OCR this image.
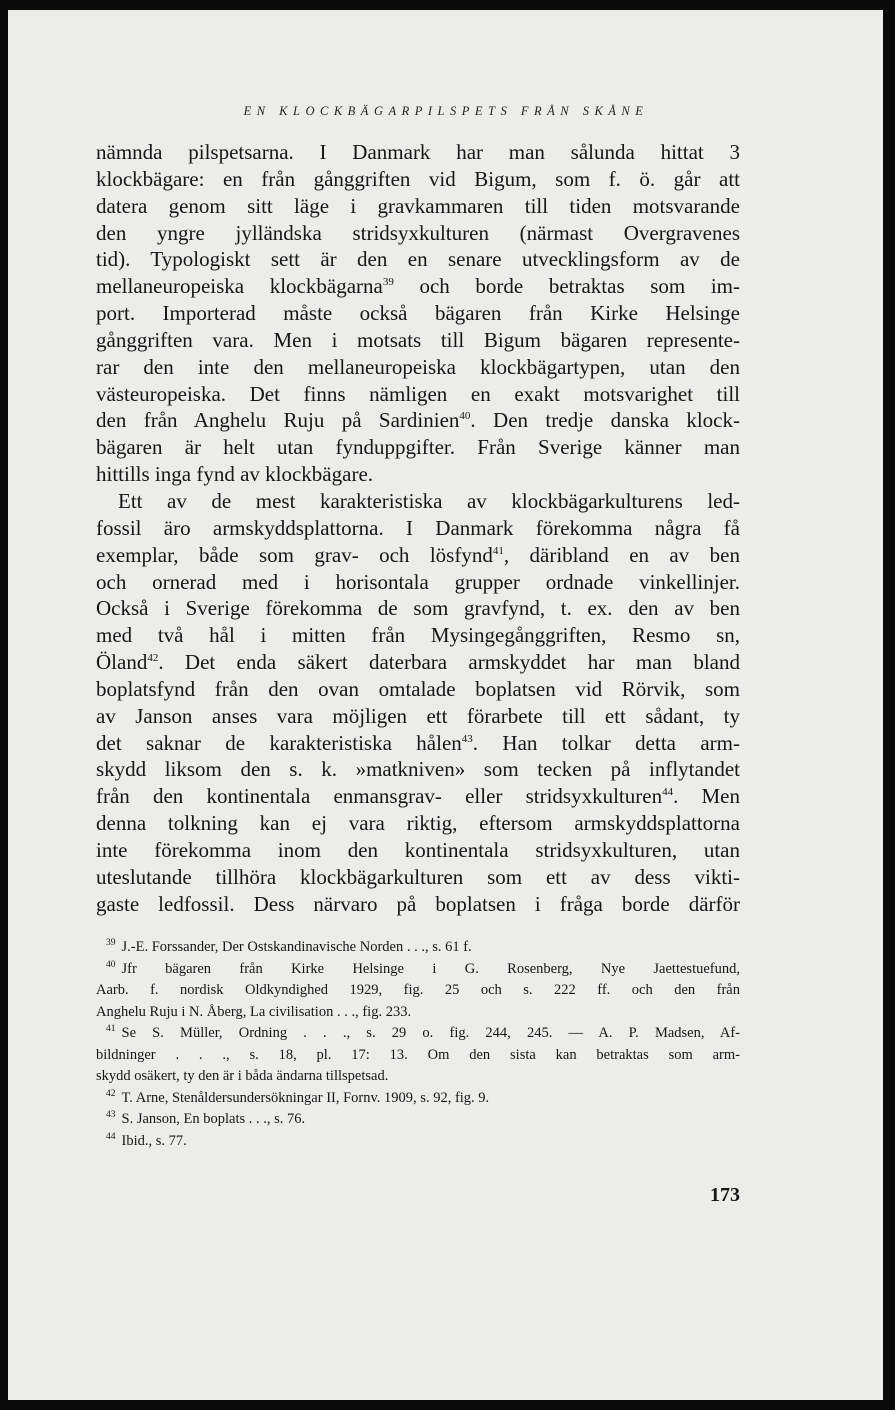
EN KLOCKBÄGARPILSPETS FRÅN SKÅNE

nämnda pilspetsarna. I Danmark har man sålunda hittat 3

klockbägare: en från gånggriften vid Bigum, som f. ö. går att

datera genom sitt läge i gravkammaren till tiden motsvarande

den yngre jylländska stridsyxkulturen (närmast Overgravenes

tid). Typologiskt sett är den en senare utvecklingsform av de

mellaneuropeiska klockbägarna$^{39}$ och borde betraktas som im-

port. Importerad måste också bägaren från Kirke Helsinge

gånggriften vara. Men i motsats till Bigum bägaren represente-

rar den inte den mellaneuropeiska klockbägartypen, utan den

västeuropeiska. Det finns nämligen en exakt motsvarighet till

den från Anghelu Ruju på Sardinien$^{40}$. Den tredje danska klock-

bägaren är helt utan fynduppgifter. Från Sverige känner man

hittills inga fynd av klockbägare.

Ett av de mest karakteristiska av klockbägarkulturens led-

fossil äro armskyddsplattorna. I Danmark förekomma några få

exemplar, både som grav- och lösfynd$^{41}$, däribland en av ben

och ornerad med i horisontala grupper ordnade vinkellinjer.

Också i Sverige förekomma de som gravfynd, t. ex. den av ben

med två hål i mitten från Mysingegånggriften, Resmo sn,

Öland$^{42}$. Det enda säkert daterbara armskyddet har man bland

boplatsfynd från den ovan omtalade boplatsen vid Rörvik, som

av Janson anses vara möjligen ett förarbete till ett sådant, ty

det saknar de karakteristiska hålen$^{43}$. Han tolkar detta arm-

skydd liksom den s. k. »matkniven» som tecken på inflytandet

från den kontinentala enmansgrav- eller stridsyxkulturen$^{44}$. Men

denna tolkning kan ej vara riktig, eftersom armskyddsplattorna

inte förekomma inom den kontinentala stridsyxkulturen, utan

uteslutande tillhöra klockbägarkulturen som ett av dess vikti-

gaste ledfossil. Dess närvaro på boplatsen i fråga borde därför

$^{39}$ J.-E. Forssander, Der Ostskandinavische Norden . . ., s. 61 f.

$^{40}$ Jfr bägaren från Kirke Helsinge i G. Rosenberg, Nye Jaettestuefund,

Aarb. f. nordisk Oldkyndighed 1929, fig. 25 och s. 222 ff. och den från

Anghelu Ruju i N. Åberg, La civilisation . . ., fig. 233.

$^{41}$ Se S. Müller, Ordning . . ., s. 29 o. fig. 244, 245. — A. P. Madsen, Af-

bildninger . . ., s. 18, pl. 17: 13. Om den sista kan betraktas som arm-

skydd osäkert, ty den är i båda ändarna tillspetsad.

$^{42}$ T. Arne, Stenåldersundersökningar II, Fornv. 1909, s. 92, fig. 9.

$^{43}$ S. Janson, En boplats . . ., s. 76.

$^{44}$ Ibid., s. 77.

173
